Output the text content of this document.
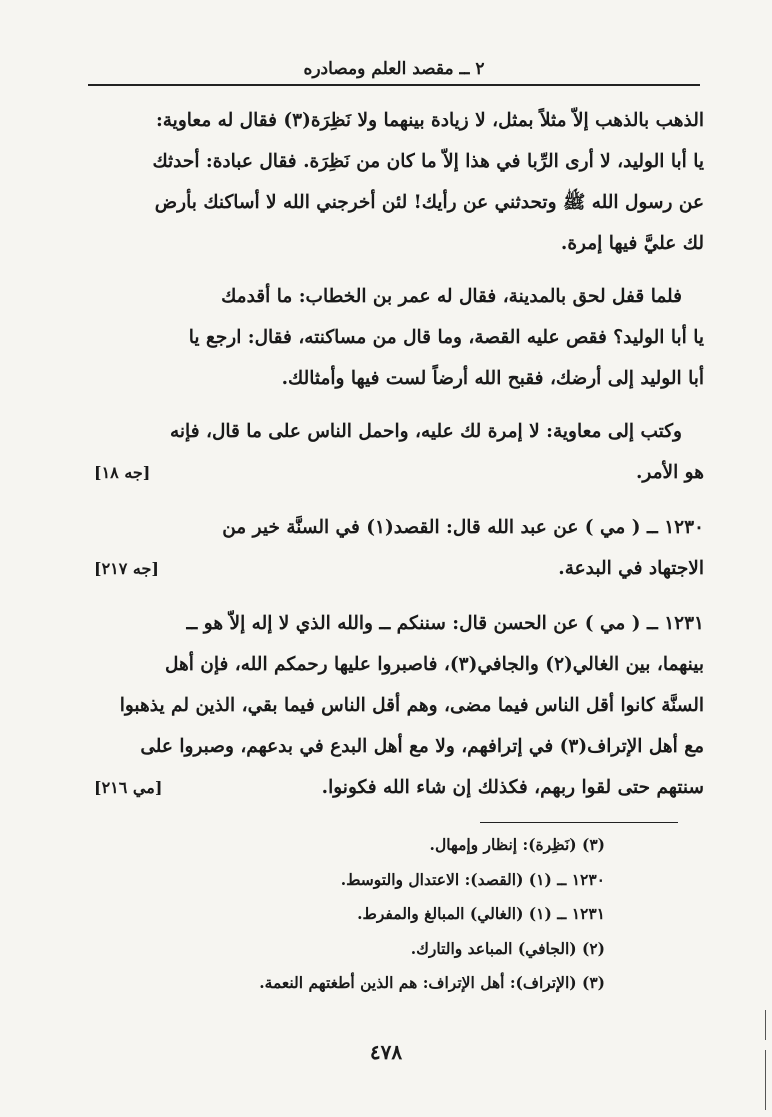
٢ ــ مقصد العلم ومصادره

الذهب بالذهب إلاّ مثلاً بمثل، لا زيادة بينهما ولا نَظِرَة(٣) فقال له معاوية:

يا أبا الوليد، لا أرى الرِّبا في هذا إلاّ ما كان من نَظِرَة. فقال عبادة: أحدثك

عن رسول الله ﷺ وتحدثني عن رأيك! لئن أخرجني الله لا أساكنك بأرض

لك عليَّ فيها إمرة.

فلما قفل لحق بالمدينة، فقال له عمر بن الخطاب: ما أقدمك

يا أبا الوليد؟ فقص عليه القصة، وما قال من مساكنته، فقال: ارجع يا

أبا الوليد إلى أرضك، فقبح الله أرضاً لست فيها وأمثالك.

وكتب إلى معاوية: لا إمرة لك عليه، واحمل الناس على ما قال، فإنه

[جه ١٨]	هو الأمر.

١٢٣٠ ــ ( مي ) عن عبد الله قال: القصد(١) في السنَّة خير من

[جه ٢١٧]	الاجتهاد في البدعة.

١٢٣١ ــ ( مي ) عن الحسن قال: سننكم ــ والله الذي لا إله إلاّ هو ــ

بينهما، بين الغالي(٢) والجافي(٣)، فاصبروا عليها رحمكم الله، فإن أهل

السنَّة كانوا أقل الناس فيما مضى، وهم أقل الناس فيما بقي، الذين لم يذهبوا

مع أهل الإتراف(٣) في إترافهم، ولا مع أهل البدع في بدعهم، وصبروا على

[مي ٢١٦]	سنتهم حتى لقوا ربهم، فكذلك إن شاء الله فكونوا.

(٣) (نَظِرة): إنظار وإمهال.
١٢٣٠ ــ (١) (القصد): الاعتدال والتوسط.
١٢٣١ ــ (١) (الغالي) المبالغ والمفرط.
(٢) (الجافي) المباعد والتارك.
(٣) (الإتراف): أهل الإتراف: هم الذين أطغتهم النعمة.
٤٧٨
